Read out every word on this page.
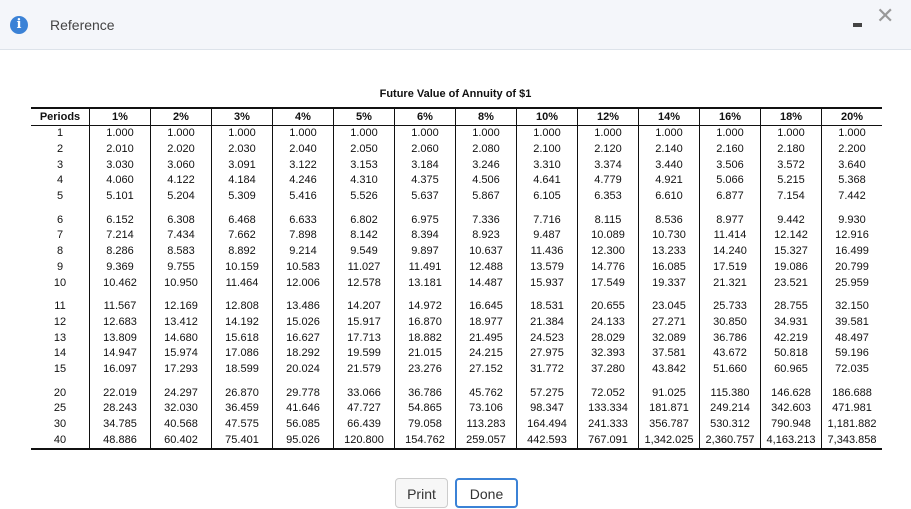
i	Reference	✕
Future Value of Annuity of $1
Periods	1%	2%	3%	4%	5%	6%	8%	10%	12%	14%	16%	18%	20%
1	1.000	1.000	1.000	1.000	1.000	1.000	1.000	1.000	1.000	1.000	1.000	1.000	1.000
2	2.010	2.020	2.030	2.040	2.050	2.060	2.080	2.100	2.120	2.140	2.160	2.180	2.200
3	3.030	3.060	3.091	3.122	3.153	3.184	3.246	3.310	3.374	3.440	3.506	3.572	3.640
4	4.060	4.122	4.184	4.246	4.310	4.375	4.506	4.641	4.779	4.921	5.066	5.215	5.368
5	5.101	5.204	5.309	5.416	5.526	5.637	5.867	6.105	6.353	6.610	6.877	7.154	7.442
6	6.152	6.308	6.468	6.633	6.802	6.975	7.336	7.716	8.115	8.536	8.977	9.442	9.930
7	7.214	7.434	7.662	7.898	8.142	8.394	8.923	9.487	10.089	10.730	11.414	12.142	12.916
8	8.286	8.583	8.892	9.214	9.549	9.897	10.637	11.436	12.300	13.233	14.240	15.327	16.499
9	9.369	9.755	10.159	10.583	11.027	11.491	12.488	13.579	14.776	16.085	17.519	19.086	20.799
10	10.462	10.950	11.464	12.006	12.578	13.181	14.487	15.937	17.549	19.337	21.321	23.521	25.959
11	11.567	12.169	12.808	13.486	14.207	14.972	16.645	18.531	20.655	23.045	25.733	28.755	32.150
12	12.683	13.412	14.192	15.026	15.917	16.870	18.977	21.384	24.133	27.271	30.850	34.931	39.581
13	13.809	14.680	15.618	16.627	17.713	18.882	21.495	24.523	28.029	32.089	36.786	42.219	48.497
14	14.947	15.974	17.086	18.292	19.599	21.015	24.215	27.975	32.393	37.581	43.672	50.818	59.196
15	16.097	17.293	18.599	20.024	21.579	23.276	27.152	31.772	37.280	43.842	51.660	60.965	72.035
20	22.019	24.297	26.870	29.778	33.066	36.786	45.762	57.275	72.052	91.025	115.380	146.628	186.688
25	28.243	32.030	36.459	41.646	47.727	54.865	73.106	98.347	133.334	181.871	249.214	342.603	471.981
30	34.785	40.568	47.575	56.085	66.439	79.058	113.283	164.494	241.333	356.787	530.312	790.948	1,181.882
40	48.886	60.402	75.401	95.026	120.800	154.762	259.057	442.593	767.091	1,342.025	2,360.757	4,163.213	7,343.858
Print	Done
